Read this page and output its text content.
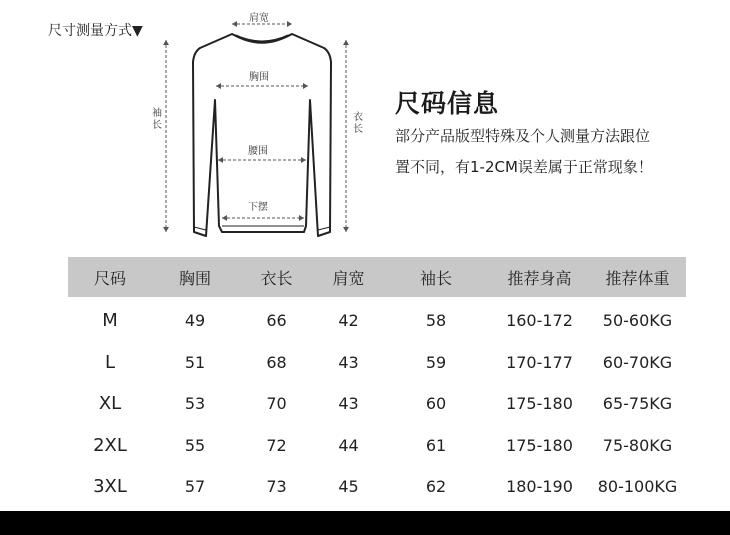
尺寸测量方式▼
肩宽
胸围
腰围
下摆
袖长
衣长
尺码信息
部分产品版型特殊及个人测量方法跟位
置不同，有1-2CM误差属于正常现象！
尺码	胸围	衣长	肩宽	袖长	推荐身高	推荐体重
M	49	66	42	58	160-172	50-60KG
L	51	68	43	59	170-177	60-70KG
XL	53	70	43	60	175-180	65-75KG
2XL	55	72	44	61	175-180	75-80KG
3XL	57	73	45	62	180-190	80-100KG
